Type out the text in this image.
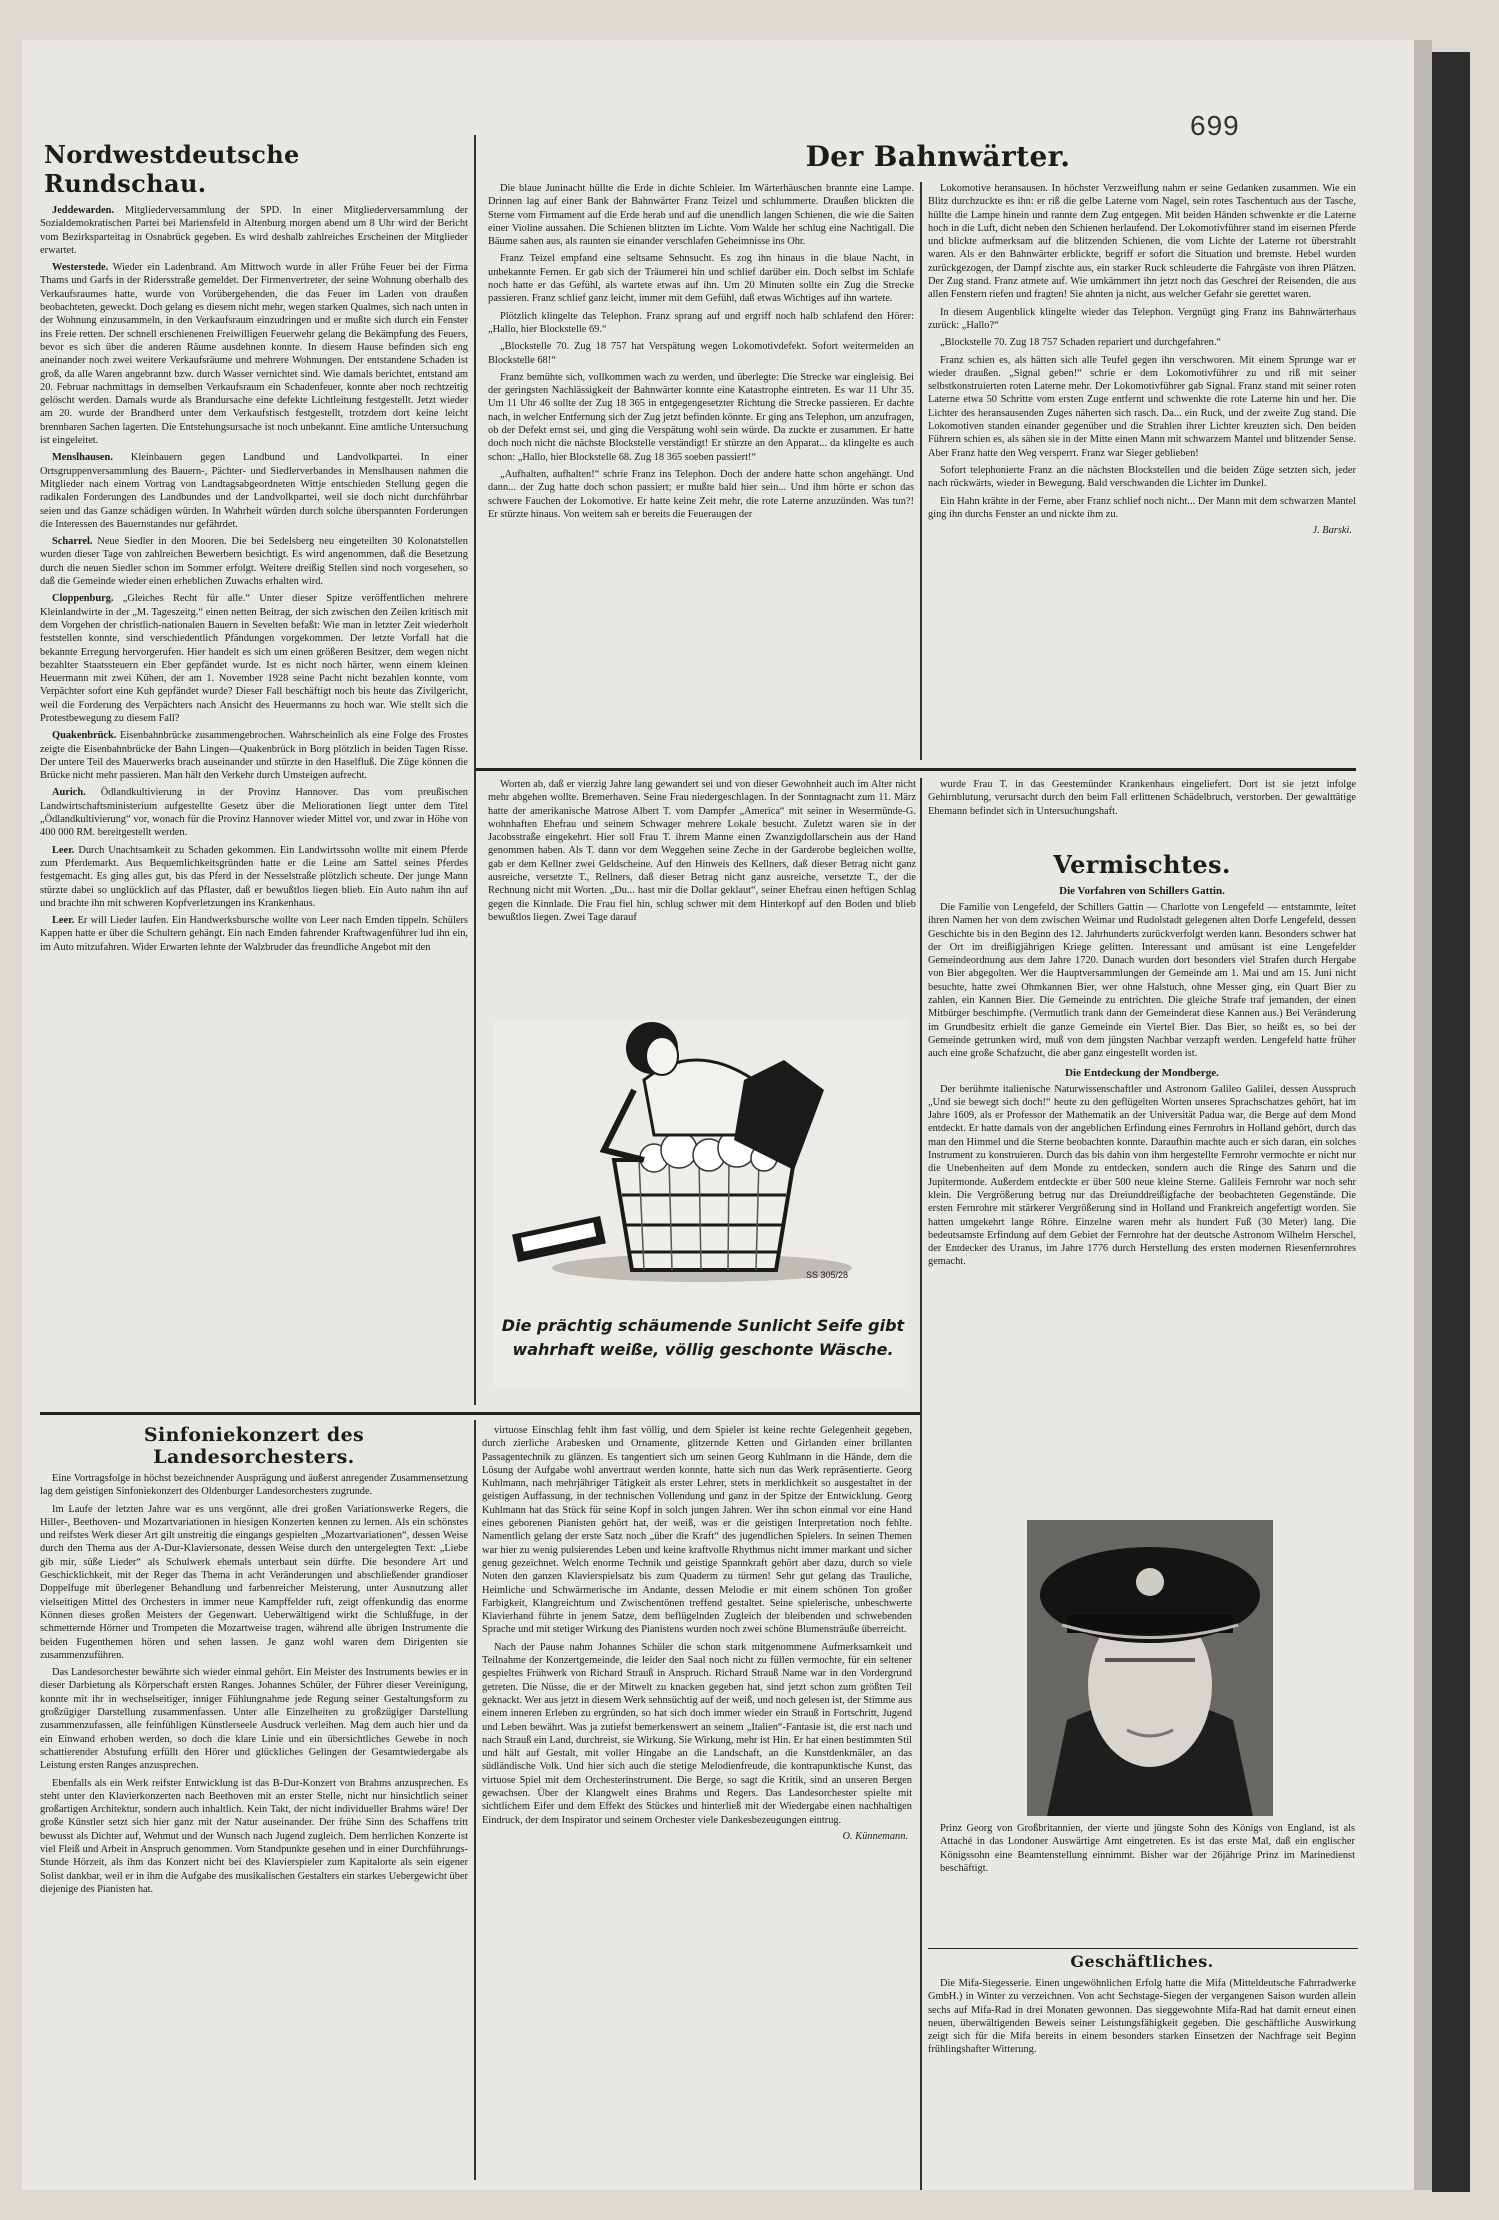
699
Nordwestdeutsche Rundschau.

Jeddewarden. Mitgliederversammlung der SPD. In einer Mitgliederversammlung der Sozialdemokratischen Partei bei Mariensfeld in Altenburg morgen abend um 8 Uhr wird der Bericht vom Bezirksparteitag in Osnabrück gegeben. Es wird deshalb zahlreiches Erscheinen der Mitglieder erwartet.

Westerstede. Wieder ein Ladenbrand. Am Mittwoch wurde in aller Frühe Feuer bei der Firma Thams und Garfs in der Ridersstraße gemeldet. Der Firmenvertreter, der seine Wohnung oberhalb des Verkaufsraumes hatte, wurde von Vorübergehenden, die das Feuer im Laden von draußen beobachteten, geweckt. Doch gelang es diesem nicht mehr, wegen starken Qualmes, sich nach unten in der Wohnung einzusammeln, in den Verkaufsraum einzudringen und er mußte sich durch ein Fenster ins Freie retten. Der schnell erschienenen Freiwilligen Feuerwehr gelang die Bekämpfung des Feuers, bevor es sich über die anderen Räume ausdehnen konnte. In diesem Hause befinden sich eng aneinander noch zwei weitere Verkaufsräume und mehrere Wohnungen. Der entstandene Schaden ist groß, da alle Waren angebrannt bzw. durch Wasser vernichtet sind. Wie damals berichtet, entstand am 20. Februar nachmittags in demselben Verkaufsraum ein Schadenfeuer, konnte aber noch rechtzeitig gelöscht werden. Damals wurde als Brandursache eine defekte Lichtleitung festgestellt. Jetzt wieder am 20. wurde der Brandherd unter dem Verkaufstisch festgestellt, trotzdem dort keine leicht brennbaren Sachen lagerten. Die Entstehungsursache ist noch unbekannt. Eine amtliche Untersuchung ist eingeleitet.

Menslhausen. Kleinbauern gegen Landbund und Landvolkpartei. In einer Ortsgruppenversammlung des Bauern-, Pächter- und Siedlerverbandes in Menslhausen nahmen die Mitglieder nach einem Vortrag von Landtagsabgeordneten Wittje entschieden Stellung gegen die radikalen Forderungen des Landbundes und der Landvolkpartei, weil sie doch nicht durchführbar seien und das Ganze schädigen würden. In Wahrheit würden durch solche überspannten Forderungen die Interessen des Bauernstandes nur gefährdet.

Scharrel. Neue Siedler in den Mooren. Die bei Sedelsberg neu eingeteilten 30 Kolonatstellen wurden dieser Tage von zahlreichen Bewerbern besichtigt. Es wird angenommen, daß die Besetzung durch die neuen Siedler schon im Sommer erfolgt. Weitere dreißig Stellen sind noch vorgesehen, so daß die Gemeinde wieder einen erheblichen Zuwachs erhalten wird.

Cloppenburg. „Gleiches Recht für alle.“ Unter dieser Spitze veröffentlichen mehrere Kleinlandwirte in der „M. Tageszeitg.“ einen netten Beitrag, der sich zwischen den Zeilen kritisch mit dem Vorgehen der christlich-nationalen Bauern in Sevelten befaßt: Wie man in letzter Zeit wiederholt feststellen konnte, sind verschiedentlich Pfändungen vorgekommen. Der letzte Vorfall hat die bekannte Erregung hervorgerufen. Hier handelt es sich um einen größeren Besitzer, dem wegen nicht bezahlter Staatssteuern ein Eber gepfändet wurde. Ist es nicht noch härter, wenn einem kleinen Heuermann mit zwei Kühen, der am 1. November 1928 seine Pacht nicht bezahlen konnte, vom Verpächter sofort eine Kuh gepfändet wurde? Dieser Fall beschäftigt noch bis heute das Zivilgericht, weil die Forderung des Verpächters nach Ansicht des Heuermanns zu hoch war. Wie stellt sich die Protestbewegung zu diesem Fall?

Quakenbrück. Eisenbahnbrücke zusammengebrochen. Wahrscheinlich als eine Folge des Frostes zeigte die Eisenbahnbrücke der Bahn Lingen—Quakenbrück in Borg plötzlich in beiden Tagen Risse. Der untere Teil des Mauerwerks brach auseinander und stürzte in den Haselfluß. Die Züge können die Brücke nicht mehr passieren. Man hält den Verkehr durch Umsteigen aufrecht.

Aurich. Ödlandkultivierung in der Provinz Hannover. Das vom preußischen Landwirtschaftsministerium aufgestellte Gesetz über die Meliorationen liegt unter dem Titel „Ödlandkultivierung“ vor, wonach für die Provinz Hannover wieder Mittel vor, und zwar in Höhe von 400 000 RM. bereitgestellt werden.

Leer. Durch Unachtsamkeit zu Schaden gekommen. Ein Landwirtssohn wollte mit einem Pferde zum Pferdemarkt. Aus Bequemlichkeitsgründen hatte er die Leine am Sattel seines Pferdes festgemacht. Es ging alles gut, bis das Pferd in der Nesselstraße plötzlich scheute. Der junge Mann stürzte dabei so unglücklich auf das Pflaster, daß er bewußtlos liegen blieb. Ein Auto nahm ihn auf und brachte ihn mit schweren Kopfverletzungen ins Krankenhaus.

Leer. Er will Lieder laufen. Ein Handwerksbursche wollte von Leer nach Emden tippeln. Schülers Kappen hatte er über die Schultern gehängt. Ein nach Emden fahrender Kraftwagenführer lud ihn ein, im Auto mitzufahren. Wider Erwarten lehnte der Walzbruder das freundliche Angebot mit den

Der Bahnwärter.

Die blaue Juninacht hüllte die Erde in dichte Schleier. Im Wärterhäuschen brannte eine Lampe. Drinnen lag auf einer Bank der Bahnwärter Franz Teizel und schlummerte. Draußen blickten die Sterne vom Firmament auf die Erde herab und auf die unendlich langen Schienen, die wie die Saiten einer Violine aussahen. Die Schienen blitzten im Lichte. Vom Walde her schlug eine Nachtigall. Die Bäume sahen aus, als raunten sie einander verschlafen Geheimnisse ins Ohr.

Franz Teizel empfand eine seltsame Sehnsucht. Es zog ihn hinaus in die blaue Nacht, in unbekannte Fernen. Er gab sich der Träumerei hin und schlief darüber ein. Doch selbst im Schlafe noch hatte er das Gefühl, als wartete etwas auf ihn. Um 20 Minuten sollte ein Zug die Strecke passieren. Franz schlief ganz leicht, immer mit dem Gefühl, daß etwas Wichtiges auf ihn wartete.

Plötzlich klingelte das Telephon. Franz sprang auf und ergriff noch halb schlafend den Hörer: „Hallo, hier Blockstelle 69.“

„Blockstelle 70. Zug 18 757 hat Verspätung wegen Lokomotivdefekt. Sofort weitermelden an Blockstelle 68!“

Franz bemühte sich, vollkommen wach zu werden, und überlegte: Die Strecke war eingleisig. Bei der geringsten Nachlässigkeit der Bahnwärter konnte eine Katastrophe eintreten. Es war 11 Uhr 35. Um 11 Uhr 46 sollte der Zug 18 365 in entgegengesetzter Richtung die Strecke passieren. Er dachte nach, in welcher Entfernung sich der Zug jetzt befinden könnte. Er ging ans Telephon, um anzufragen, ob der Defekt ernst sei, und ging die Verspätung wohl sein würde. Da zuckte er zusammen. Er hatte doch noch nicht die nächste Blockstelle verständigt! Er stürzte an den Apparat... da klingelte es auch schon: „Hallo, hier Blockstelle 68. Zug 18 365 soeben passiert!“

„Aufhalten, aufhalten!“ schrie Franz ins Telephon. Doch der andere hatte schon angehängt. Und dann... der Zug hatte doch schon passiert; er mußte bald hier sein... Und ihm hörte er schon das schwere Fauchen der Lokomotive. Er hatte keine Zeit mehr, die rote Laterne anzuzünden. Was tun?! Er stürzte hinaus. Von weitem sah er bereits die Feueraugen der

Lokomotive heransausen. In höchster Verzweiflung nahm er seine Gedanken zusammen. Wie ein Blitz durchzuckte es ihn: er riß die gelbe Laterne vom Nagel, sein rotes Taschentuch aus der Tasche, hüllte die Lampe hinein und rannte dem Zug entgegen. Mit beiden Händen schwenkte er die Laterne hoch in die Luft, dicht neben den Schienen herlaufend. Der Lokomotivführer stand im eisernen Pferde und blickte aufmerksam auf die blitzenden Schienen, die vom Lichte der Laterne rot überstrahlt waren. Als er den Bahnwärter erblickte, begriff er sofort die Situation und bremste. Hebel wurden zurückgezogen, der Dampf zischte aus, ein starker Ruck schleuderte die Fahrgäste von ihren Plätzen. Der Zug stand. Franz atmete auf. Wie umkämmert ihn jetzt noch das Geschrei der Reisenden, die aus allen Fenstern riefen und fragten! Sie ahnten ja nicht, aus welcher Gefahr sie gerettet waren.

In diesem Augenblick klingelte wieder das Telephon. Vergnügt ging Franz ins Bahnwärterhaus zurück: „Hallo?“

„Blockstelle 70. Zug 18 757 Schaden repariert und durchgefahren.“

Franz schien es, als hätten sich alle Teufel gegen ihn verschworen. Mit einem Sprunge war er wieder draußen. „Signal geben!“ schrie er dem Lokomotivführer zu und riß mit seiner selbstkonstruierten roten Laterne mehr. Der Lokomotivführer gab Signal. Franz stand mit seiner roten Laterne etwa 50 Schritte vom ersten Zuge entfernt und schwenkte die rote Laterne hin und her. Die Lichter des heransausenden Zuges näherten sich rasch. Da... ein Ruck, und der zweite Zug stand. Die Lokomotiven standen einander gegenüber und die Strahlen ihrer Lichter kreuzten sich. Den beiden Führern schien es, als sähen sie in der Mitte einen Mann mit schwarzem Mantel und blitzender Sense. Aber Franz hatte den Weg versperrt. Franz war Sieger geblieben!

Sofort telephonierte Franz an die nächsten Blockstellen und die beiden Züge setzten sich, jeder nach rückwärts, wieder in Bewegung. Bald verschwanden die Lichter im Dunkel.

Ein Hahn krähte in der Ferne, aber Franz schlief noch nicht... Der Mann mit dem schwarzen Mantel ging ihn durchs Fenster an und nickte ihm zu.

J. Barski.

Worten ab, daß er vierzig Jahre lang gewandert sei und von dieser Gewohnheit auch im Alter nicht mehr abgehen wollte. Bremerhaven. Seine Frau niedergeschlagen. In der Sonntagnacht zum 11. März hatte der amerikanische Matrose Albert T. vom Dampfer „America“ mit seiner in Wesermünde-G. wohnhaften Ehefrau und seinem Schwager mehrere Lokale besucht. Zuletzt waren sie in der Jacobsstraße eingekehrt. Hier soll Frau T. ihrem Manne einen Zwanzigdollarschein aus der Hand genommen haben. Als T. dann vor dem Weggehen seine Zeche in der Garderobe begleichen wollte, gab er dem Kellner zwei Geldscheine. Auf den Hinweis des Kellners, daß dieser Betrag nicht ganz ausreiche, versetzte T., Rellners, daß dieser Betrag nicht ganz ausreiche, versetzte T., der die Rechnung nicht mit Worten. „Du... hast mir die Dollar geklaut“, seiner Ehefrau einen heftigen Schlag gegen die Kinnlade. Die Frau fiel hin, schlug schwer mit dem Hinterkopf auf den Boden und blieb bewußtlos liegen. Zwei Tage darauf

wurde Frau T. in das Geestemünder Krankenhaus eingeliefert. Dort ist sie jetzt infolge Gehirnblutung, verursacht durch den beim Fall erlittenen Schädelbruch, verstorben. Der gewalttätige Ehemann befindet sich in Untersuchungshaft.

SS 305/28
Die prächtig schäumende Sunlicht Seife gibt
wahrhaft weiße, völlig geschonte Wäsche.
Vermischtes.
Die Vorfahren von Schillers Gattin.

Die Familie von Lengefeld, der Schillers Gattin — Charlotte von Lengefeld — entstammte, leitet ihren Namen her von dem zwischen Weimar und Rudolstadt gelegenen alten Dorfe Lengefeld, dessen Geschichte bis in den Beginn des 12. Jahrhunderts zurückverfolgt werden kann. Besonders schwer hat der Ort im dreißigjährigen Kriege gelitten. Interessant und amüsant ist eine Lengefelder Gemeindeordnung aus dem Jahre 1720. Danach wurden dort besonders viel Strafen durch Hergabe von Bier abgegolten. Wer die Hauptversammlungen der Gemeinde am 1. Mai und am 15. Juni nicht besuchte, hatte zwei Ohmkannen Bier, wer ohne Halstuch, ohne Messer ging, ein Quart Bier zu zahlen, ein Kannen Bier. Die Gemeinde zu entrichten. Die gleiche Strafe traf jemanden, der einen Mitbürger beschimpfte. (Vermutlich trank dann der Gemeinderat diese Kannen aus.) Bei Veränderung im Grundbesitz erhielt die ganze Gemeinde ein Viertel Bier. Das Bier, so heißt es, so bei der Gemeinde getrunken wird, muß von dem jüngsten Nachbar verzapft werden. Lengefeld hatte früher auch eine große Schafzucht, die aber ganz eingestellt worden ist.

Die Entdeckung der Mondberge.

Der berühmte italienische Naturwissenschaftler und Astronom Galileo Galilei, dessen Ausspruch „Und sie bewegt sich doch!“ heute zu den geflügelten Worten unseres Sprachschatzes gehört, hat im Jahre 1609, als er Professor der Mathematik an der Universität Padua war, die Berge auf dem Mond entdeckt. Er hatte damals von der angeblichen Erfindung eines Fernrohrs in Holland gehört, durch das man den Himmel und die Sterne beobachten konnte. Daraufhin machte auch er sich daran, ein solches Instrument zu konstruieren. Durch das bis dahin von ihm hergestellte Fernrohr vermochte er nicht nur die Unebenheiten auf dem Monde zu entdecken, sondern auch die Ringe des Saturn und die Jupitermonde. Außerdem entdeckte er über 500 neue kleine Sterne. Galileis Fernrohr war noch sehr klein. Die Vergrößerung betrug nur das Dreiunddreißigfache der beobachteten Gegenstände. Die ersten Fernrohre mit stärkerer Vergrößerung sind in Holland und Frankreich angefertigt worden. Sie hatten umgekehrt lange Röhre. Einzelne waren mehr als hundert Fuß (30 Meter) lang. Die bedeutsamste Erfindung auf dem Gebiet der Fernrohre hat der deutsche Astronom Wilhelm Herschel, der Entdecker des Uranus, im Jahre 1776 durch Herstellung des ersten modernen Riesenfernrohres gemacht.

Prinz Georg von Großbritannien, der vierte und jüngste Sohn des Königs von England, ist als Attaché in das Londoner Auswärtige Amt eingetreten. Es ist das erste Mal, daß ein englischer Königssohn eine Beamtenstellung einnimmt. Bisher war der 26jährige Prinz im Marinedienst beschäftigt.

Geschäftliches.

Die Mifa-Siegesserie. Einen ungewöhnlichen Erfolg hatte die Mifa (Mitteldeutsche Fahrradwerke GmbH.) in Winter zu verzeichnen. Von acht Sechstage-Siegen der vergangenen Saison wurden allein sechs auf Mifa-Rad in drei Monaten gewonnen. Das sieggewohnte Mifa-Rad hat damit erneut einen neuen, überwältigenden Beweis seiner Leistungsfähigkeit gegeben. Die geschäftliche Auswirkung zeigt sich für die Mifa bereits in einem besonders starken Einsetzen der Nachfrage seit Beginn frühlingshafter Witterung.

Sinfoniekonzert des Landesorchesters.

Eine Vortragsfolge in höchst bezeichnender Ausprägung und äußerst anregender Zusammensetzung lag dem geistigen Sinfoniekonzert des Oldenburger Landesorchesters zugrunde.

Im Laufe der letzten Jahre war es uns vergönnt, alle drei großen Variationswerke Regers, die Hiller-, Beethoven- und Mozartvariationen in hiesigen Konzerten kennen zu lernen. Als ein schönstes und reifstes Werk dieser Art gilt unstreitig die eingangs gespielten „Mozartvariationen“, dessen Weise durch den Thema aus der A-Dur-Klaviersonate, dessen Weise durch den untergelegten Text: „Liebe gib mir, süße Lieder“ als Schulwerk ehemals unterbaut sein dürfte. Die besondere Art und Geschicklichkeit, mit der Reger das Thema in acht Veränderungen und abschließender grandioser Doppelfuge mit überlegener Behandlung und farbenreicher Meisterung, unter Ausnutzung aller vielseitigen Mittel des Orchesters in immer neue Kampffelder ruft, zeigt offenkundig das enorme Können dieses großen Meisters der Gegenwart. Ueberwältigend wirkt die Schlußfuge, in der schmetternde Hörner und Trompeten die Mozartweise tragen, während alle übrigen Instrumente die beiden Fugenthemen hören und sehen lassen. Je ganz wohl waren dem Dirigenten sie zusammenzuführen.

Das Landesorchester bewährte sich wieder einmal gehört. Ein Meister des Instruments bewies er in dieser Darbietung als Körperschaft ersten Ranges. Johannes Schüler, der Führer dieser Vereinigung, konnte mit ihr in wechselseitiger, inniger Fühlungnahme jede Regung seiner Gestaltungsform zu großzügiger Darstellung zusammenfassen. Unter alle Einzelheiten zu großzügiger Darstellung zusammenzufassen, alle feinfühligen Künstlerseele Ausdruck verleihen. Mag dem auch hier und da ein Einwand erhoben werden, so doch die klare Linie und ein übersichtliches Gewebe in noch schattierender Abstufung erfüllt den Hörer und glückliches Gelingen der Gesamtwiedergabe als Leistung ersten Ranges anzusprechen.

Ebenfalls als ein Werk reifster Entwicklung ist das B-Dur-Konzert von Brahms anzusprechen. Es steht unter den Klavierkonzerten nach Beethoven mit an erster Stelle, nicht nur hinsichtlich seiner großartigen Architektur, sondern auch inhaltlich. Kein Takt, der nicht individueller Brahms wäre! Der große Künstler setzt sich hier ganz mit der Natur auseinander. Der frühe Sinn des Schaffens tritt bewusst als Dichter auf, Wehmut und der Wunsch nach Jugend zugleich. Dem herrlichen Konzerte ist viel Fleiß und Arbeit in Anspruch genommen. Vom Standpunkte gesehen und in einer Durchführungs-Stunde Hörzeit, als ihm das Konzert nicht bei des Klavierspieler zum Kapitalorte als sein eigener Solist dankbar, weil er in ihm die Aufgabe des musikalischen Gestalters ein starkes Uebergewicht über diejenige des Pianisten hat.

virtuose Einschlag fehlt ihm fast völlig, und dem Spieler ist keine rechte Gelegenheit gegeben, durch zierliche Arabesken und Ornamente, glitzernde Ketten und Girlanden einer brillanten Passagentechnik zu glänzen. Es tangentiert sich um seinen Georg Kuhlmann in die Hände, dem die Lösung der Aufgabe wohl anvertraut werden konnte, hatte sich nun das Werk repräsentierte. Georg Kuhlmann, nach mehrjähriger Tätigkeit als erster Lehrer, stets in merklichkeit so ausgestaltet in der geistigen Auffassung, in der technischen Vollendung und ganz in der Spitze der Entwicklung. Georg Kuhlmann hat das Stück für seine Kopf in solch jungen Jahren. Wer ihn schon einmal vor eine Hand eines geborenen Pianisten gehört hat, der weiß, was er die geistigen Interpretation noch fehlte. Namentlich gelang der erste Satz noch „über die Kraft“ des jugendlichen Spielers. In seinen Themen war hier zu wenig pulsierendes Leben und keine kraftvolle Rhythmus nicht immer markant und sicher genug gezeichnet. Welch enorme Technik und geistige Spannkraft gehört aber dazu, durch so viele Noten den ganzen Klavierspielsatz bis zum Quaderm zu türmen! Sehr gut gelang das Trauliche, Heimliche und Schwärmerische im Andante, dessen Melodie er mit einem schönen Ton großer Farbigkeit, Klangreichtum und Zwischentönen treffend gestaltet. Seine spielerische, unbeschwerte Klavierhand führte in jenem Satze, dem beflügelnden Zugleich der bleibenden und schwebenden Sprache und mit stetiger Wirkung des Pianistens wurden noch zwei schöne Blumensträuße überreicht.

Nach der Pause nahm Johannes Schüler die schon stark mitgenommene Aufmerksamkeit und Teilnahme der Konzertgemeinde, die leider den Saal noch nicht zu füllen vermochte, für ein seltener gespieltes Frühwerk von Richard Strauß in Anspruch. Richard Strauß Name war in den Vordergrund getreten. Die Nüsse, die er der Mitwelt zu knacken gegeben hat, sind jetzt schon zum größten Teil geknackt. Wer aus jetzt in diesem Werk sehnsüchtig auf der weiß, und noch gelesen ist, der Stimme aus einem inneren Erleben zu ergründen, so hat sich doch immer wieder ein Strauß in Fortschritt, Jugend und Leben bewährt. Was ja zutiefst bemerkenswert an seinem „Italien“-Fantasie ist, die erst nach und nach Strauß ein Land, durchreist, sie Wirkung. Sie Wirkung, mehr ist Hin. Er hat einen bestimmten Stil und hält auf Gestalt, mit voller Hingabe an die Landschaft, an die Kunstdenkmäler, an das südländische Volk. Und hier sich auch die stetige Melodienfreude, die kontrapunktische Kunst, das virtuose Spiel mit dem Orchesterinstrument. Die Berge, so sagt die Kritik, sind an unseren Bergen gewachsen. Über der Klangwelt eines Brahms und Regers. Das Landesorchester spielte mit sichtlichem Eifer und dem Effekt des Stückes und hinterließ mit der Wiedergabe einen nachhaltigen Eindruck, der dem Inspirator und seinem Orchester viele Dankesbezeugungen eintrug.

O. Künnemann.
